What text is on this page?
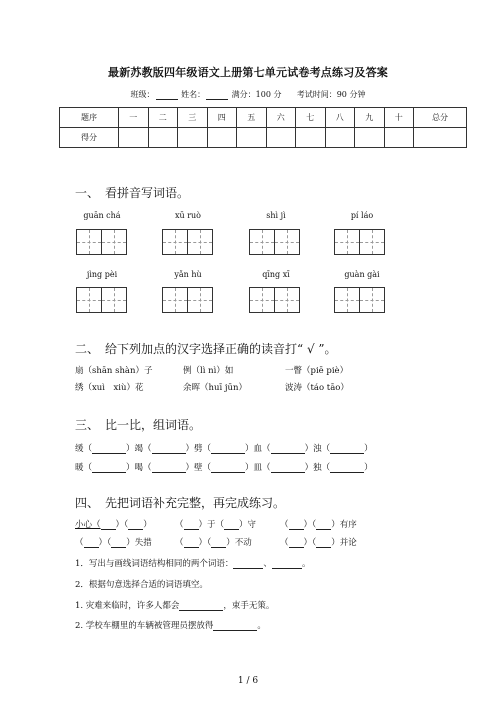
最新苏教版四年级语文上册第七单元试卷考点练习及答案
班级：	姓名：	满分：100 分 考试时间：90 分钟
题序	一	二	三	四	五	六	七	八	九	十	总分
得分											
一、　看拼音写词语。
guān chá	xū ruò	shì jì	pí láo
jìng pèi	yǎn hù	qīng xī	guàn gài
二、　给下列加点的汉字选择正确的读音打“ √ ”。
扇（shān shàn）子	例（lì nì）如	一瞥（piē piè）
绣（xuì　xiù）花	余晖（huī jūn）	波涛（táo tāo）
三、　比一比，组词语。
缓（	）竭（	）劈（	）血（	）浊（	）
暖（	）喝（	）壁（	）皿（	）独（	）
四、　先把词语补充完整，再完成练习。
小心（ ）（ ）	（ ）于（ ）守	（ ）（ ）有序
（ ）（ ）失措	（ ）（ ）不动	（ ）（ ）并论
1．写出与画线词语结构相同的两个词语：	、	。
2．根据句意选择合适的词语填空。
1. 灾难来临时，许多人都会	，束手无策。
2. 学校车棚里的车辆被管理员摆放得	。
1 / 6
